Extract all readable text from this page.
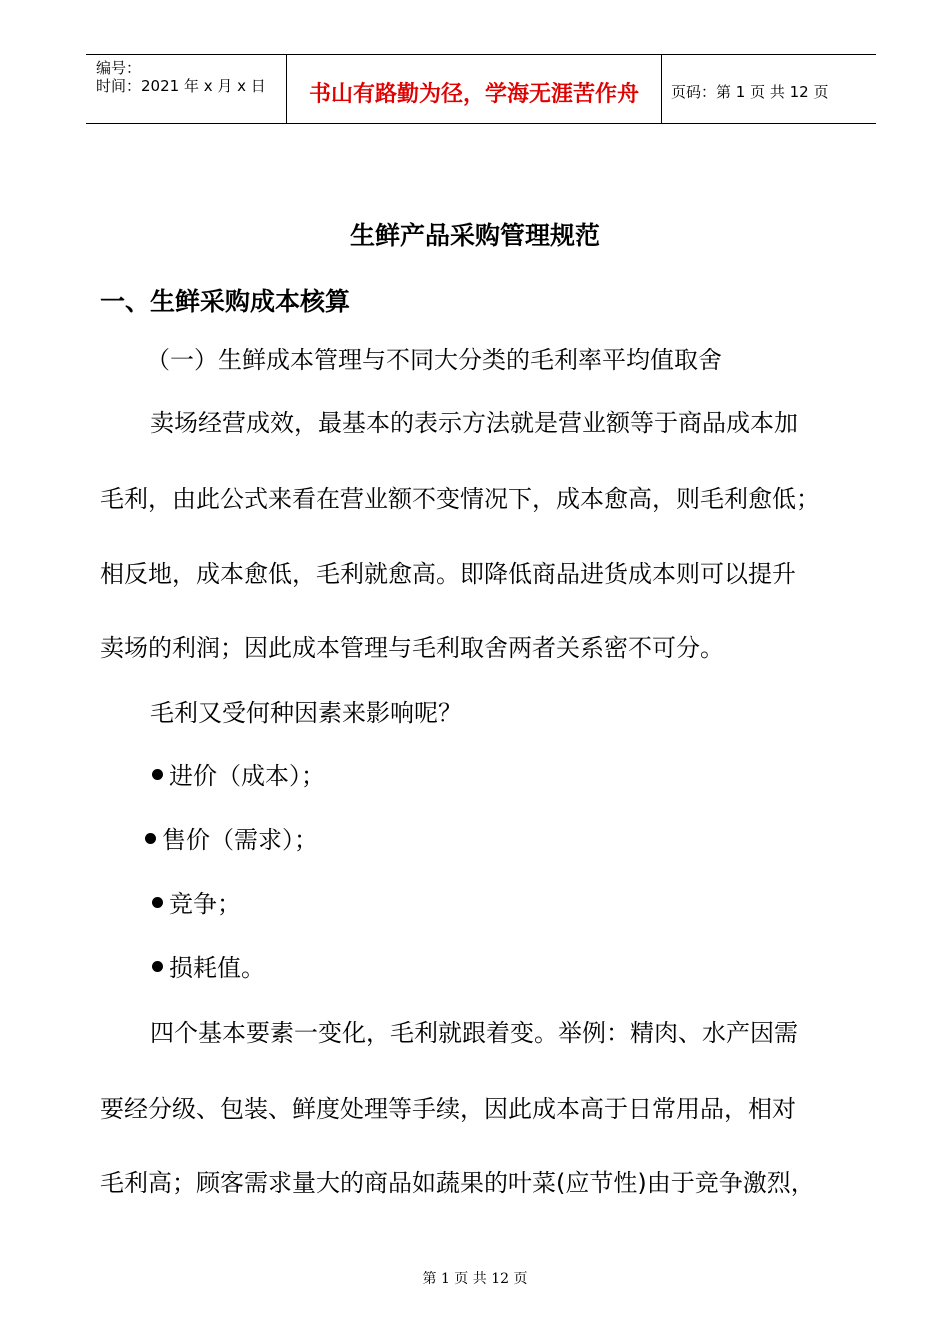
编号：
时间：2021 年 x 月 x 日	书山有路勤为径，学海无涯苦作舟	页码：第 1 页 共 12 页
生鲜产品采购管理规范
一、生鲜采购成本核算
（一）生鲜成本管理与不同大分类的毛利率平均值取舍
卖场经营成效，最基本的表示方法就是营业额等于商品成本加
毛利，由此公式来看在营业额不变情况下，成本愈高，则毛利愈低；
相反地，成本愈低，毛利就愈高。即降低商品进货成本则可以提升
卖场的利润；因此成本管理与毛利取舍两者关系密不可分。
毛利又受何种因素来影响呢？
进价（成本）；
售价（需求）；
竞争；
损耗值。
四个基本要素一变化，毛利就跟着变。举例：精肉、水产因需
要经分级、包装、鲜度处理等手续，因此成本高于日常用品，相对
毛利高；顾客需求量大的商品如蔬果的叶菜(应节性)由于竞争激烈，
第 1 页 共 12 页
